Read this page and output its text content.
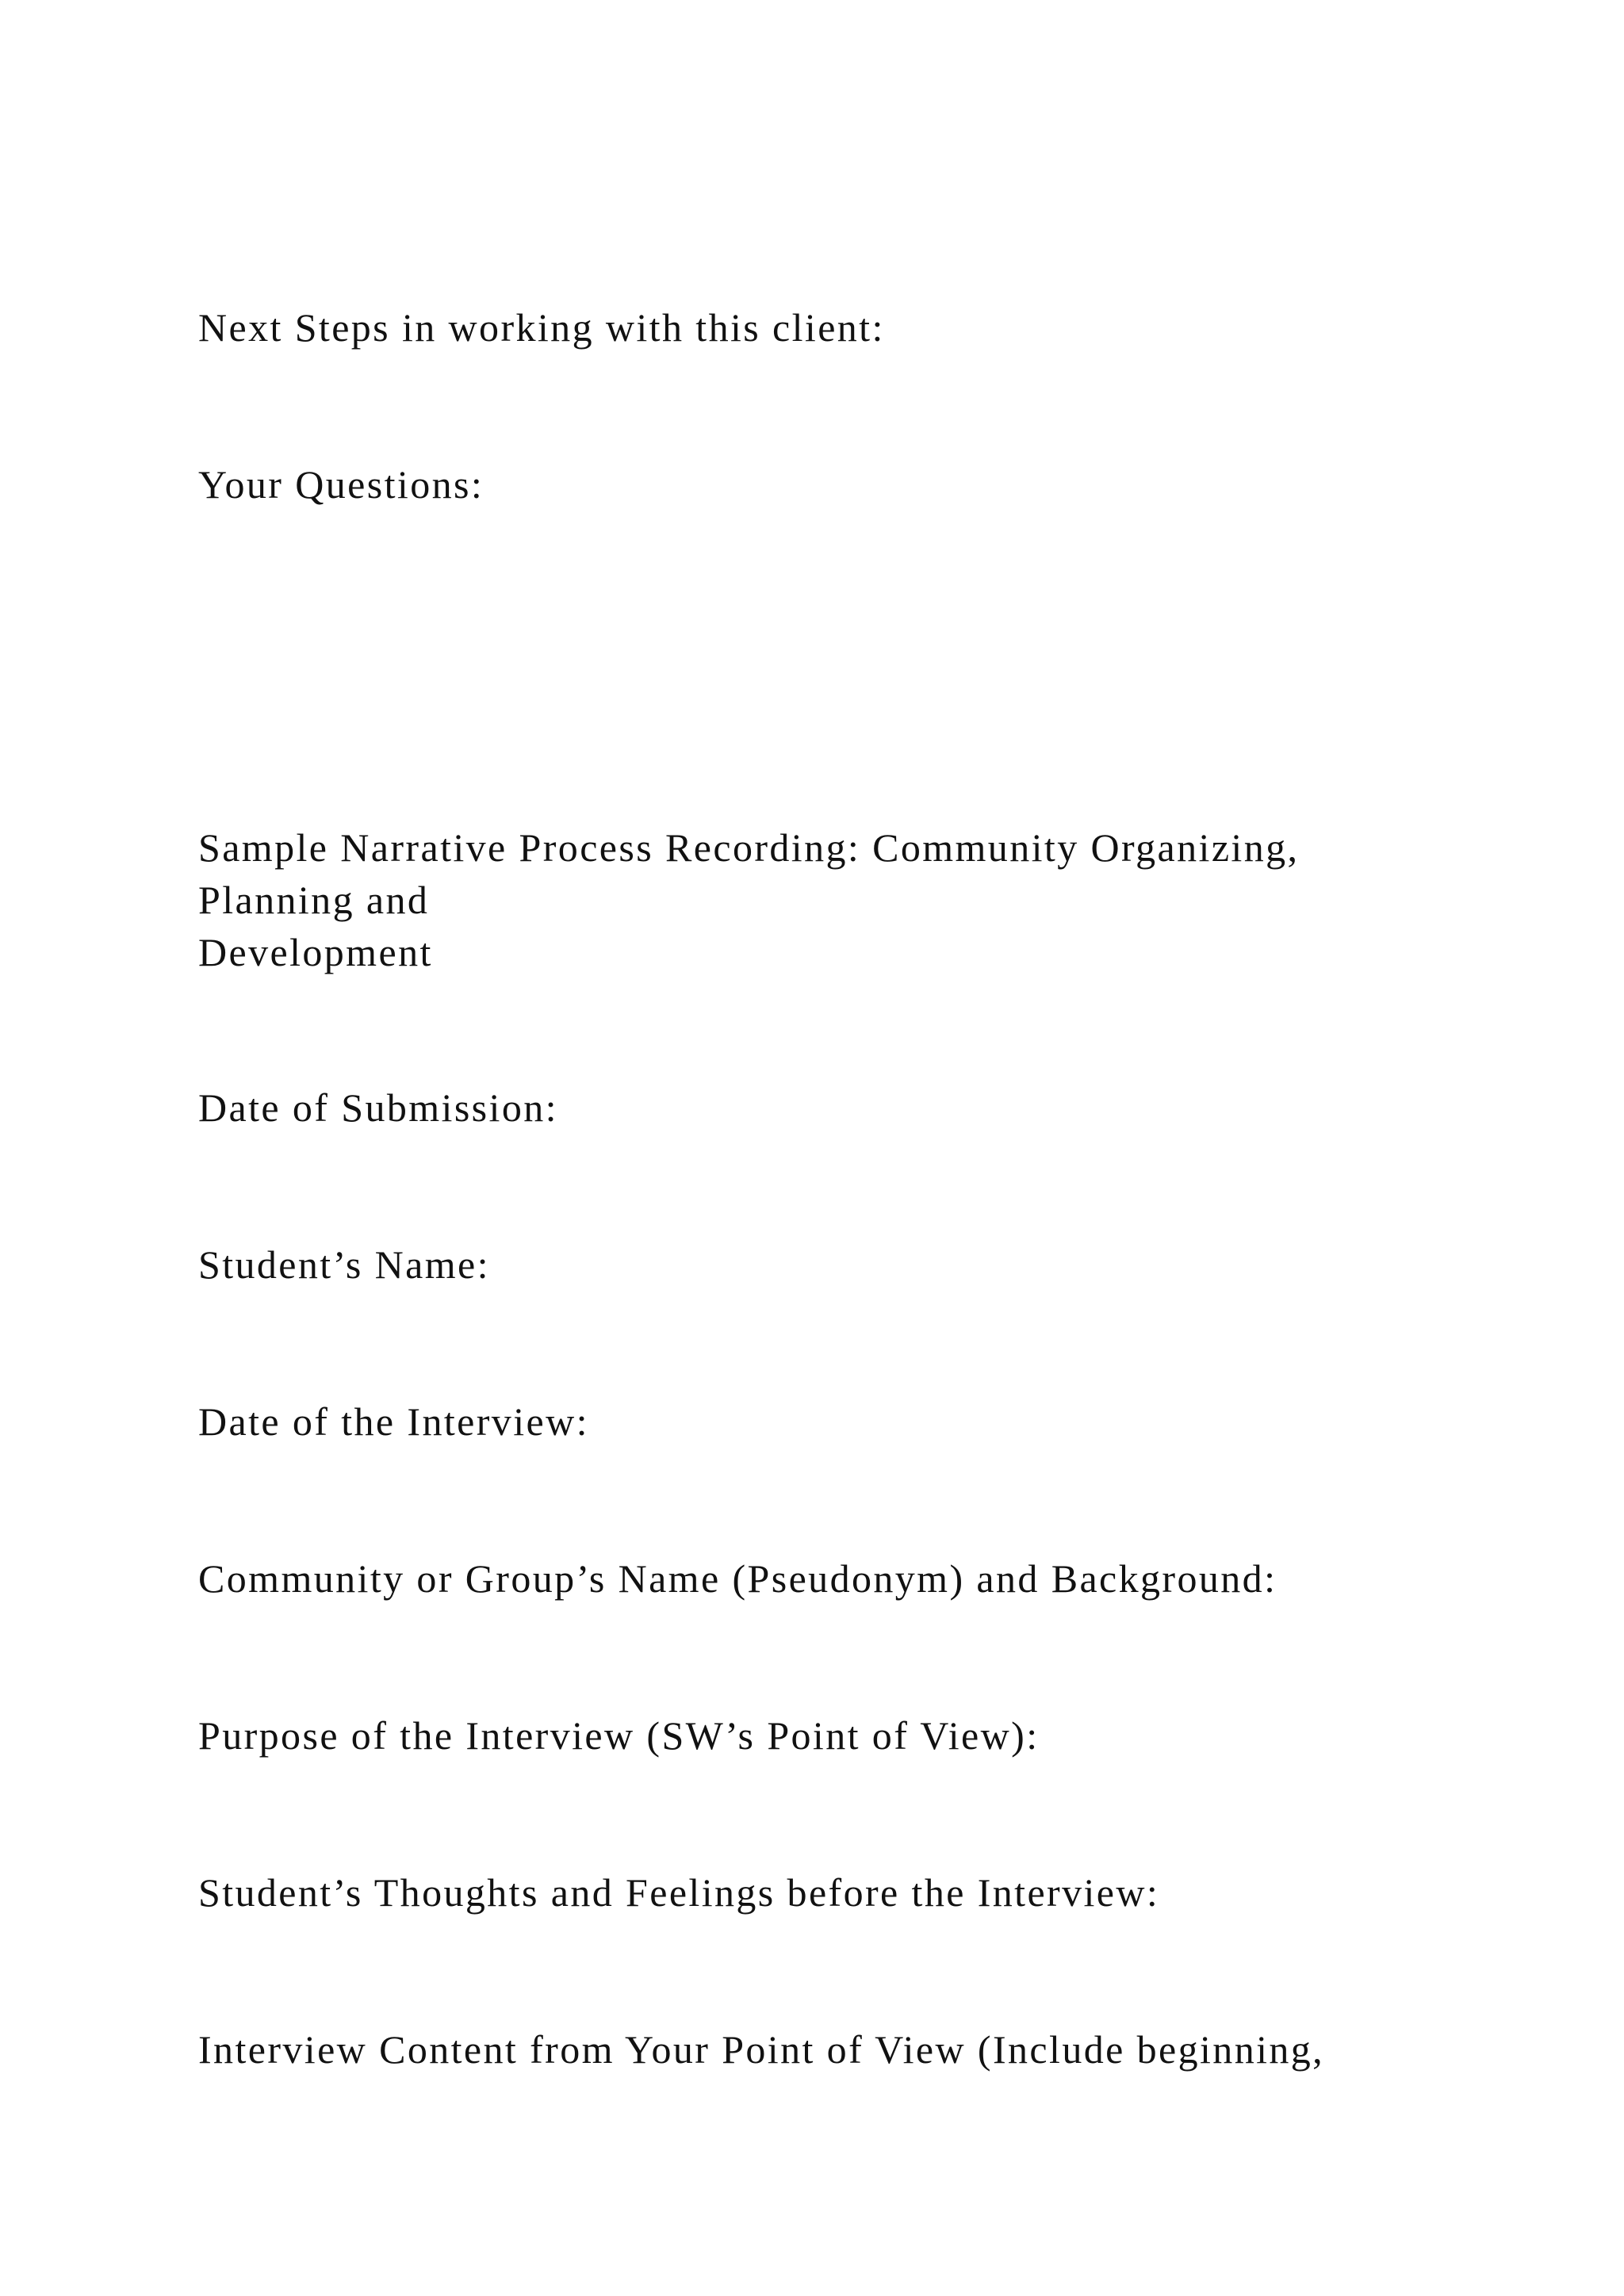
Next Steps in working with this client:

Your Questions:

Sample Narrative Process Recording: Community Organizing,
Planning and
Development

Date of Submission:

Student’s Name:

Date of the Interview:

Community or Group’s Name (Pseudonym) and Background:

Purpose of the Interview (SW’s Point of View):

Student’s Thoughts and Feelings before the Interview:

Interview Content from Your Point of View (Include beginning,
